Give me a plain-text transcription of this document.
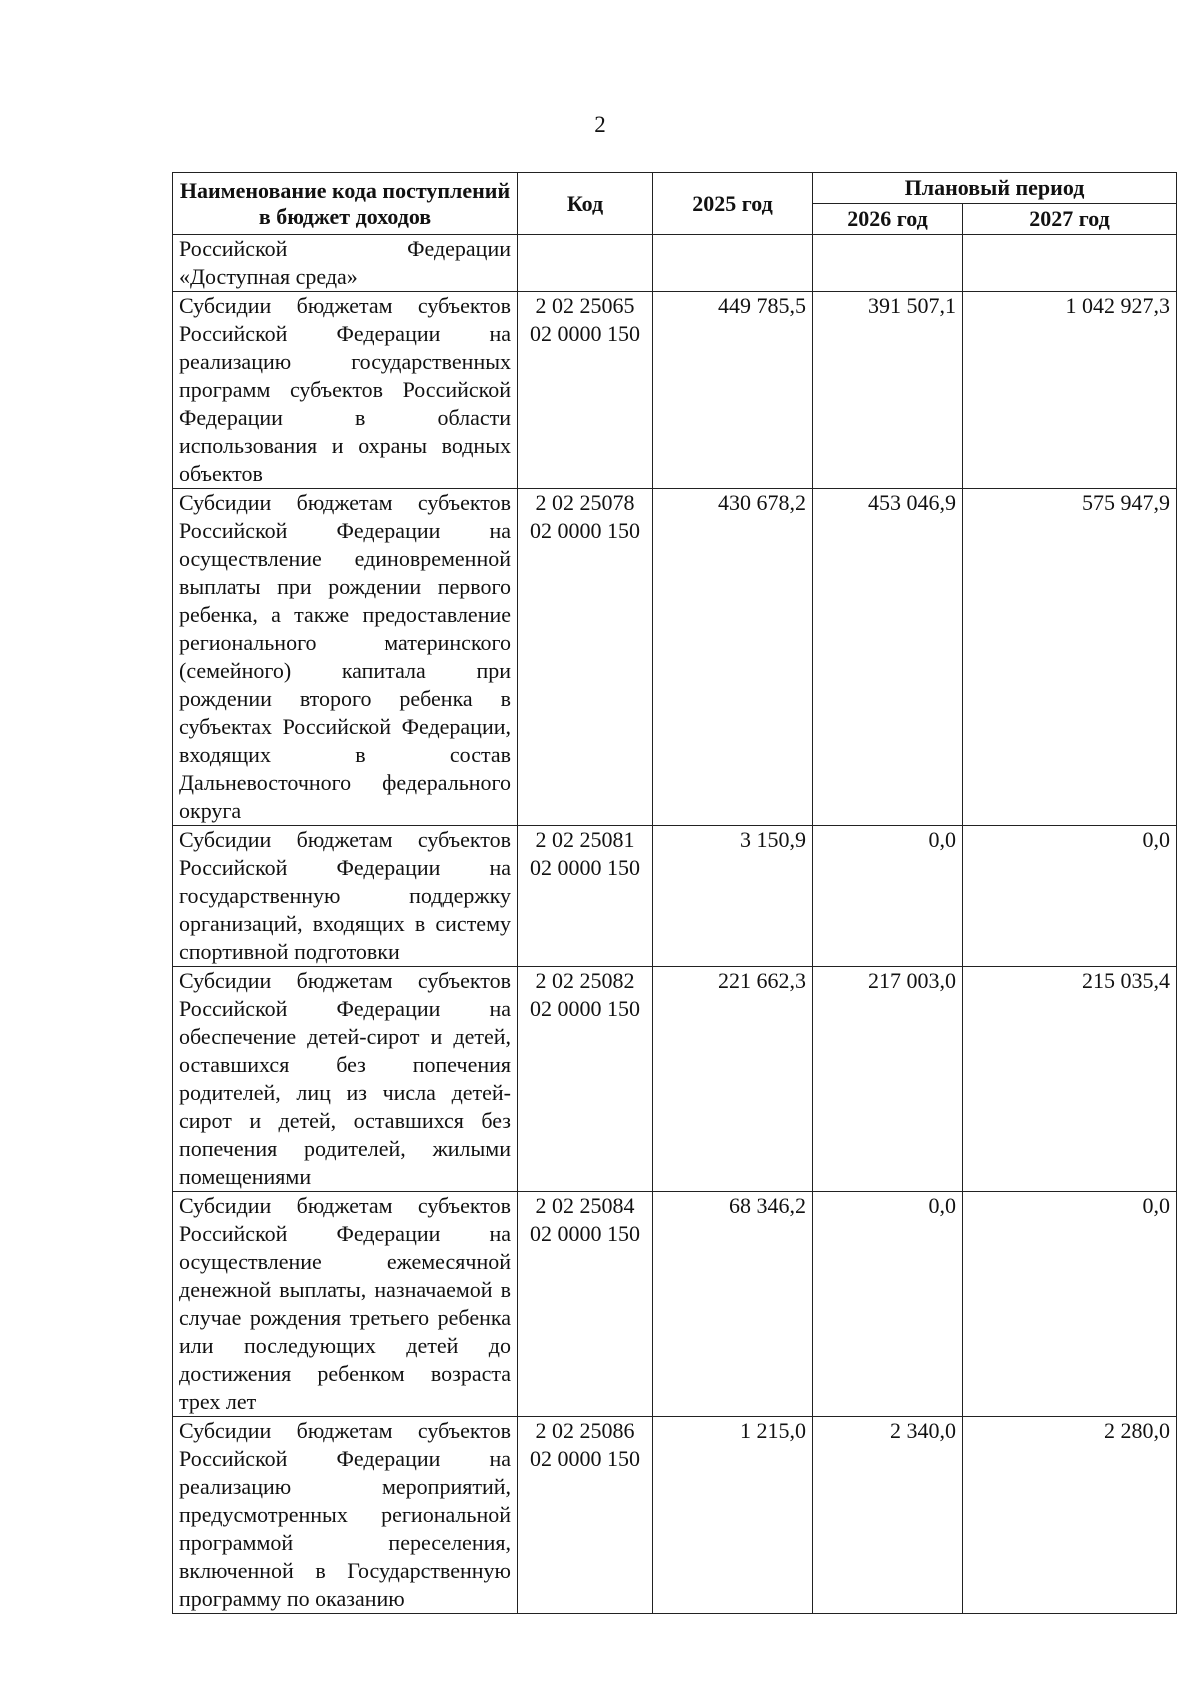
2
Наименование кода поступлений в бюджет доходов	Код	2025 год	Плановый период	
			2026 год	2027 год
Российской Федерации «Доступная среда»				
Субсидии бюджетам субъектов Российской Федерации на реализацию государственных программ субъектов Российской Федерации в области использования и охраны водных объектов	2 02 25065 02 0000 150	449 785,5	391 507,1	1 042 927,3
Субсидии бюджетам субъектов Российской Федерации на осуществление единовременной выплаты при рождении первого ребенка, а также предоставление регионального материнского (семейного) капитала при рождении второго ребенка в субъектах Российской Федерации, входящих в состав Дальневосточного федерального округа	2 02 25078 02 0000 150	430 678,2	453 046,9	575 947,9
Субсидии бюджетам субъектов Российской Федерации на государственную поддержку организаций, входящих в систему спортивной подготовки	2 02 25081 02 0000 150	3 150,9	0,0	0,0
Субсидии бюджетам субъектов Российской Федерации на обеспечение детей-сирот и детей, оставшихся без попечения родителей, лиц из числа детей-сирот и детей, оставшихся без попечения родителей, жилыми помещениями	2 02 25082 02 0000 150	221 662,3	217 003,0	215 035,4
Субсидии бюджетам субъектов Российской Федерации на осуществление ежемесячной денежной выплаты, назначаемой в случае рождения третьего ребенка или последующих детей до достижения ребенком возраста трех лет	2 02 25084 02 0000 150	68 346,2	0,0	0,0
Субсидии бюджетам субъектов Российской Федерации на реализацию мероприятий, предусмотренных региональной программой переселения, включенной в Государственную программу по оказанию	2 02 25086 02 0000 150	1 215,0	2 340,0	2 280,0
